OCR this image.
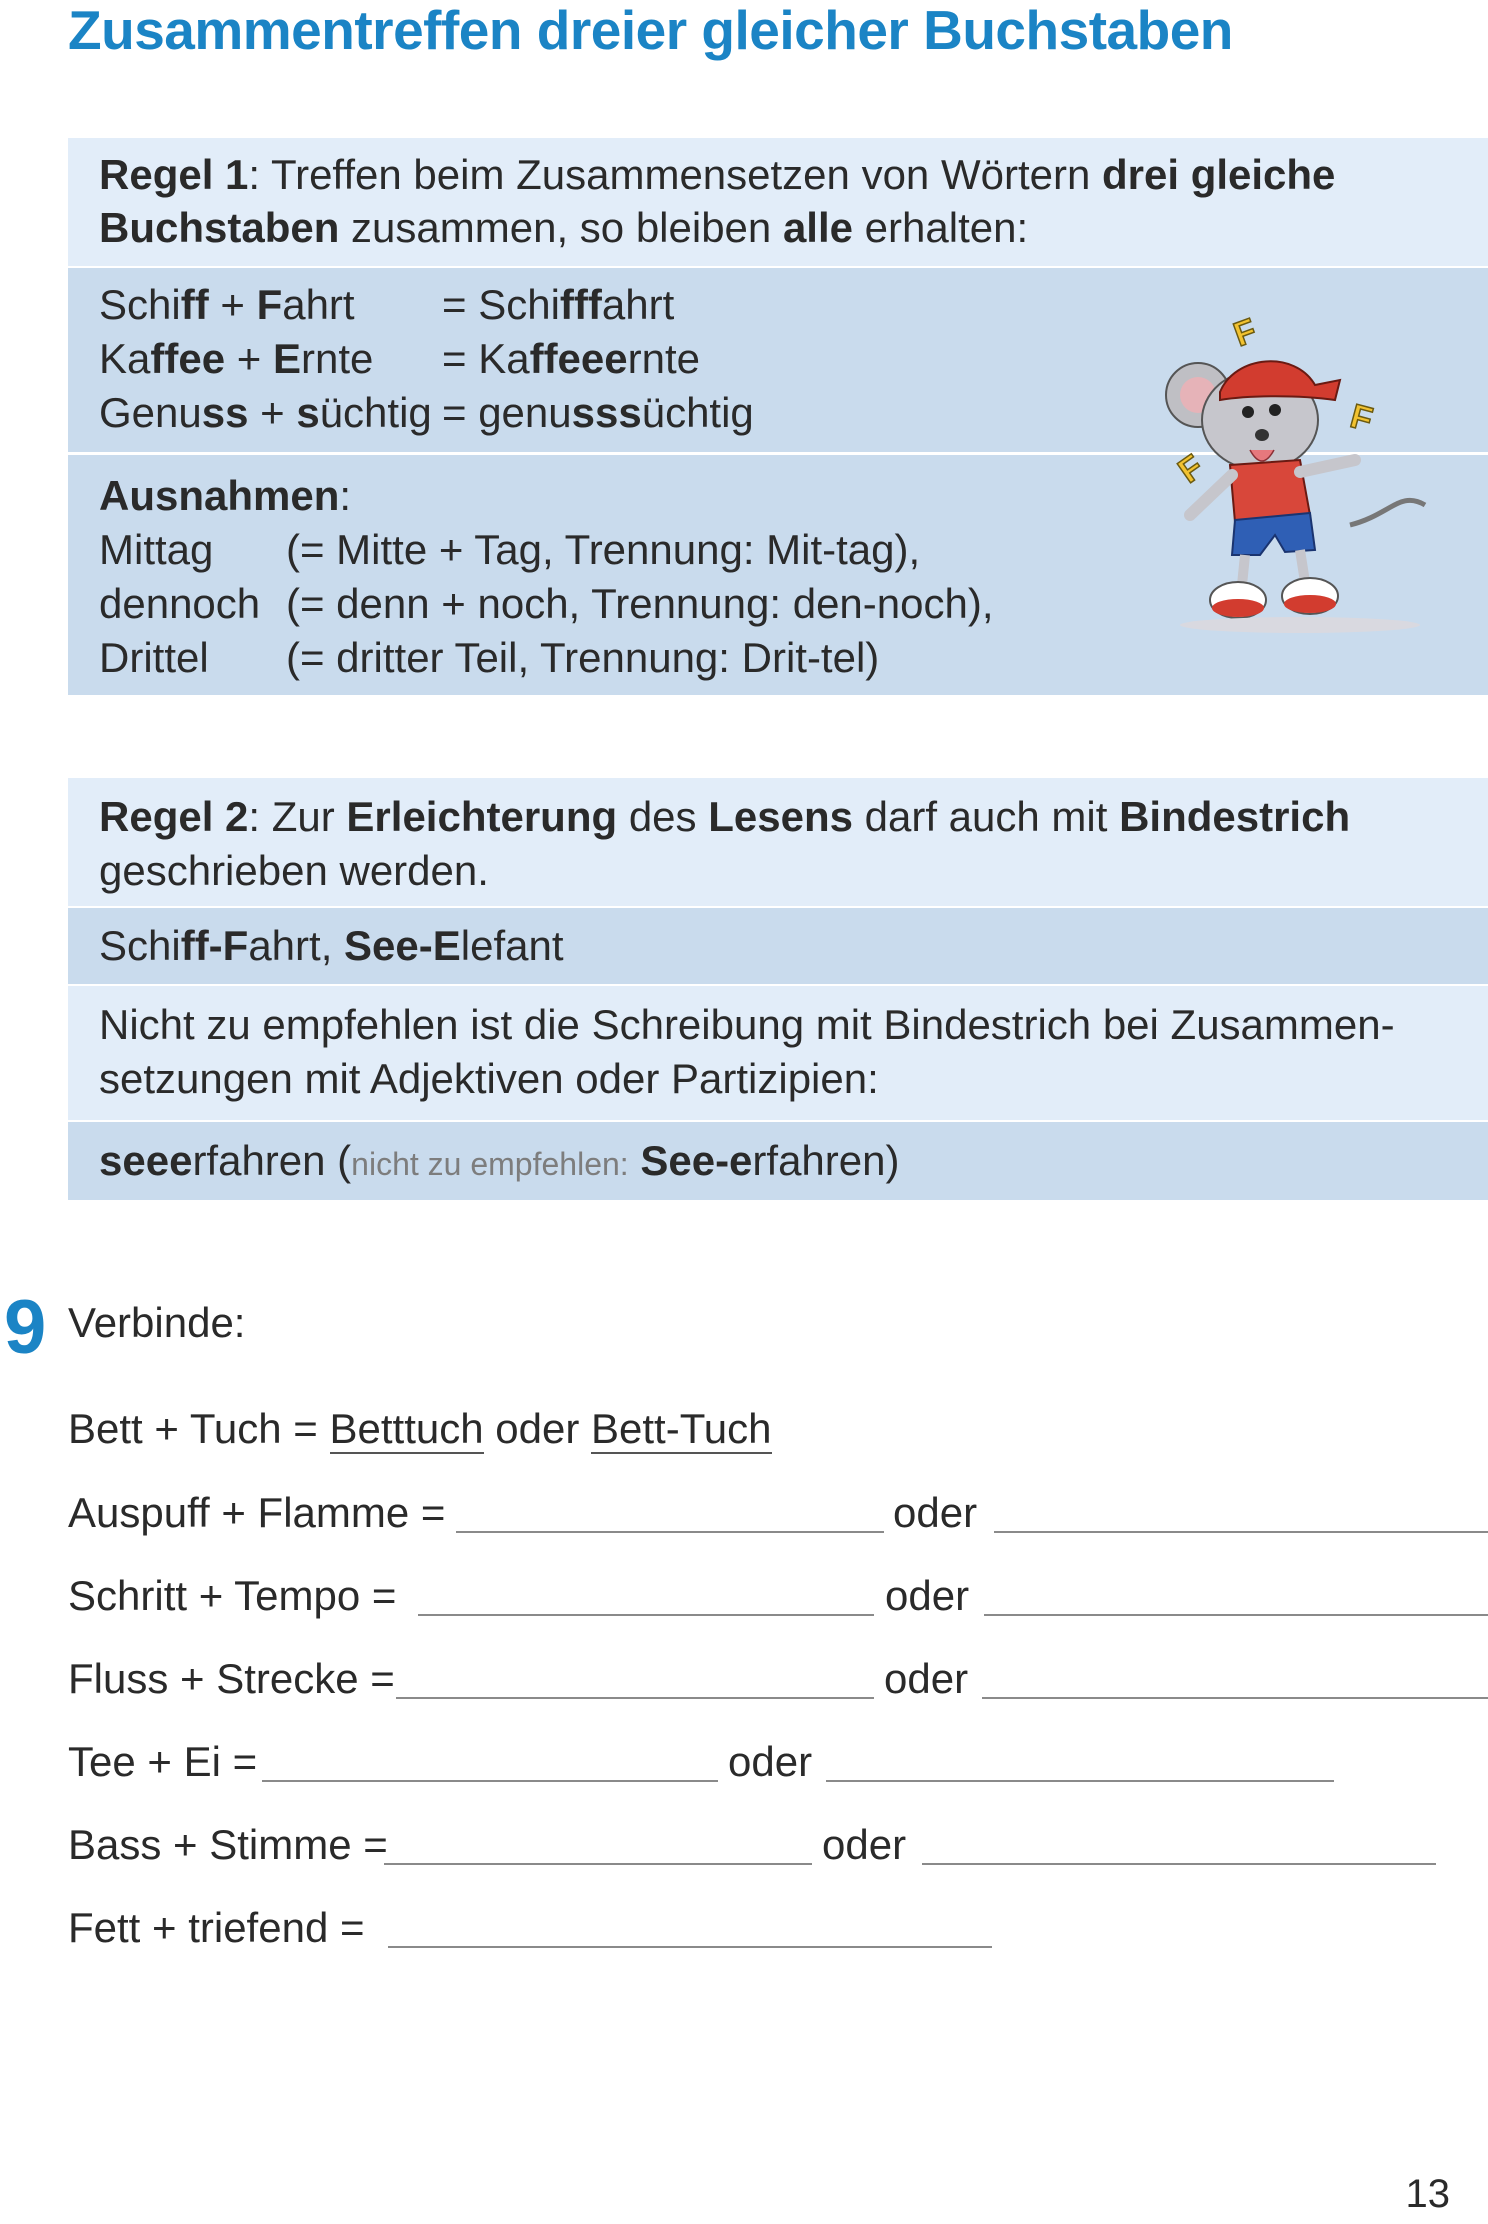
Zusammentreffen dreier gleicher Buchstaben
Regel 1: Treffen beim Zusammensetzen von Wörtern drei gleiche
Buchstaben zusammen, so bleiben alle erhalten:
Schiff + Fahrt = Schifffahrt
Kaffee + Ernte = Kaffeeernte
Genuss + süchtig = genusssüchtig
Ausnahmen:
Mittag (= Mitte + Tag, Trennung: Mit-tag),
dennoch (= denn + noch, Trennung: den-noch),
Drittel (= dritter Teil, Trennung: Drit-tel)
F
F
F
Regel 2: Zur Erleichterung des Lesens darf auch mit Bindestrich
geschrieben werden.
Schiff-Fahrt, See-Elefant
Nicht zu empfehlen ist die Schreibung mit Bindestrich bei Zusammen-
setzungen mit Adjektiven oder Partizipien:
seeerfahren (nicht zu empfehlen: See-erfahren)
9 Verbinde:
Bett + Tuch = Betttuch oder Bett-Tuch
Auspuff + Flamme =	oder
Schritt + Tempo =	oder
Fluss + Strecke =	oder
Tee + Ei =	oder
Bass + Stimme =	oder
Fett + triefend =
13
